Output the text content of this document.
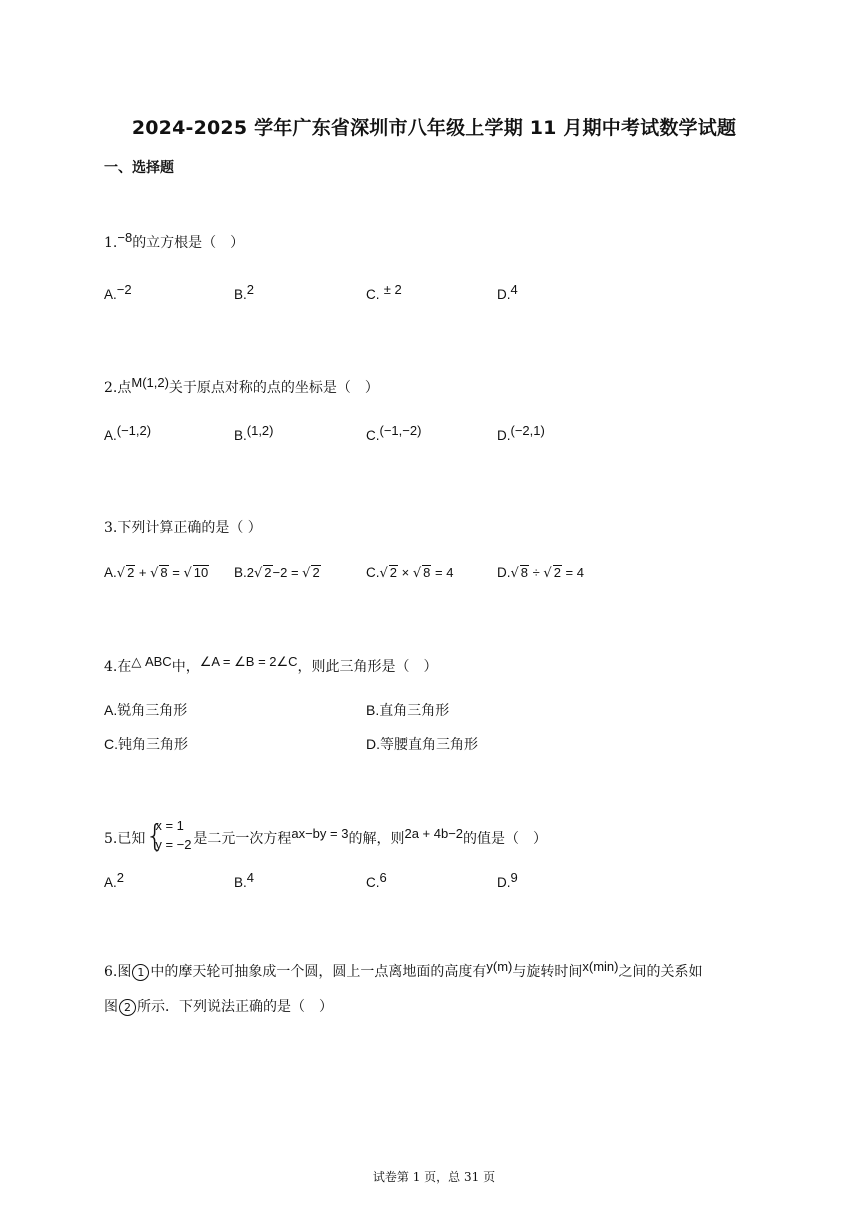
2024-2025 学年广东省深圳市八年级上学期 11 月期中考试数学试题
一、选择题
1.−8的立方根是（　）
A.−2	B.2	C. ± 2	D.4
2.点M(1,2)关于原点对称的点的坐标是（　）
A.(−1,2)	B.(1,2)	C.(−1,−2)	D.(−2,1)
3.下列计算正确的是（ ）
A.√ 2 + √ 8 = √ 10 B.2√ 2−2 = √ 2	C.√ 2 × √ 8 = 4	D.√ 8 ÷ √ 2 = 4
4.在△ ABC中，∠A = ∠B = 2∠C，则此三角形是（　）
A.锐角三角形	B.直角三角形
C.钝角三角形	D.等腰直角三角形
5.已知 {
x = 1
y = −2 是二元一次方程ax−by = 3的解，则2a + 4b−2的值是（　）
A.2	B.4	C.6	D.9
6.图 1 中的摩天轮可抽象成一个圆，圆上一点离地面的高度有y(m)与旋转时间x(min)之间的关系如
图 2 所示．下列说法正确的是（　）
试卷第 1 页，总 31 页
